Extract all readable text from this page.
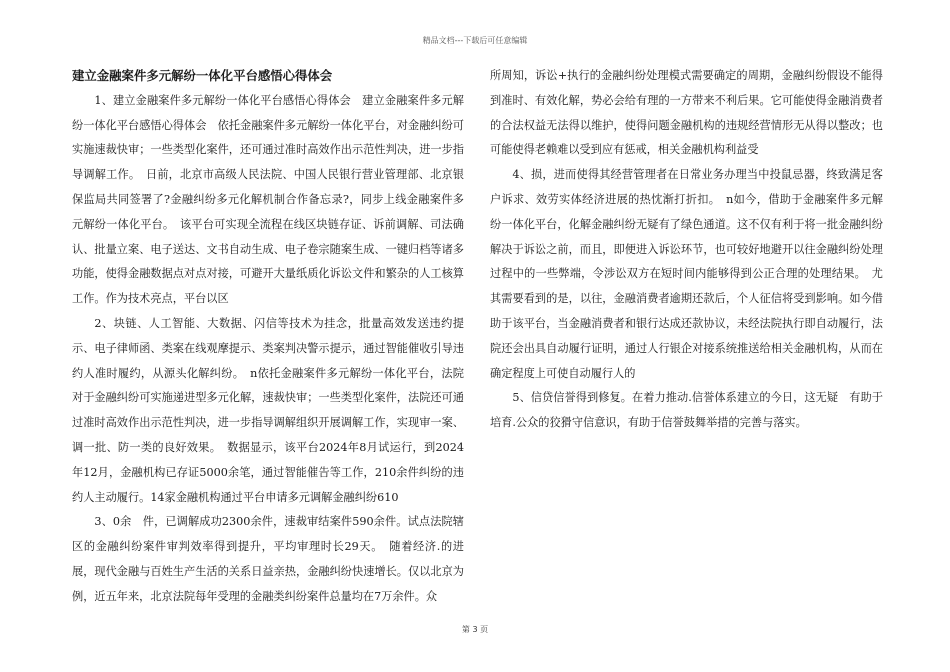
精品文档---下载后可任意编辑

建立金融案件多元解纷一体化平台感悟心得体会

1、建立金融案件多元解纷一体化平台感悟心得体会　建立金融案件多元解纷一体化平台感悟心得体会　依托金融案件多元解纷一体化平台，对金融纠纷可实施速裁快审；一些类型化案件，还可通过准时高效作出示范性判决，进一步指导调解工作。　日前，北京市高级人民法院、中国人民银行营业管理部、北京银保监局共同签署了?金融纠纷多元化解机制合作备忘录?，同步上线金融案件多元解纷一体化平台。　该平台可实现全流程在线区块链存证、诉前调解、司法确认、批量立案、电子送达、文书自动生成、电子卷宗随案生成、一键归档等诸多功能，使得金融数据点对点对接，可避开大量纸质化诉讼文件和繁杂的人工核算工作。作为技术亮点，平台以区

2、块链、人工智能、大数据、闪信等技术为挂念，批量高效发送违约提示、电子律师函、类案在线观摩提示、类案判决警示提示，通过智能催收引导违约人准时履约，从源头化解纠纷。　n依托金融案件多元解纷一体化平台，法院对于金融纠纷可实施递进型多元化解，速裁快审；一些类型化案件，法院还可通过准时高效作出示范性判决，进一步指导调解组织开展调解工作，实现审一案、调一批、防一类的良好效果。　数据显示，该平台2024年8月试运行，到2024年12月，金融机构已存证5000余笔，通过智能催告等工作，210余件纠纷的违约人主动履行。14家金融机构通过平台申请多元调解金融纠纷610

3、0余　件，已调解成功2300余件，速裁审结案件590余件。试点法院辖区的金融纠纷案件审判效率得到提升，平均审理时长29天。　随着经济.的进展，现代金融与百姓生产生活的关系日益亲热，金融纠纷快速增长。仅以北京为例，近五年来，北京法院每年受理的金融类纠纷案件总量均在7万余件。众

所周知，诉讼+执行的金融纠纷处理模式需要确定的周期，金融纠纷假设不能得到准时、有效化解，势必会给有理的一方带来不利后果。它可能使得金融消费者的合法权益无法得以维护，使得问题金融机构的违规经营情形无从得以整改；也可能使得老赖难以受到应有惩戒，相关金融机构利益受

4、损，进而使得其经营管理者在日常业务办理当中投鼠忌器，终致满足客户诉求、效劳实体经济进展的热忱渐打折扣。　n如今，借助于金融案件多元解纷一体化平台，化解金融纠纷无疑有了绿色通道。这不仅有利于将一批金融纠纷解决于诉讼之前，而且，即便进入诉讼环节，也可较好地避开以往金融纠纷处理过程中的一些弊端，令涉讼双方在短时间内能够得到公正合理的处理结果。　尤其需要看到的是，以往，金融消费者逾期还款后，个人征信将受到影响。如今借助于该平台，当金融消费者和银行达成还款协议，未经法院执行即自动履行，法院还会出具自动履行证明，通过人行银企对接系统推送给相关金融机构，从而在确定程度上可使自动履行人的

5、信贷信誉得到修复。在着力推动.信誉体系建立的今日，这无疑　有助于培育.公众的狡猾守信意识，有助于信誉鼓舞举措的完善与落实。

第 3 页
